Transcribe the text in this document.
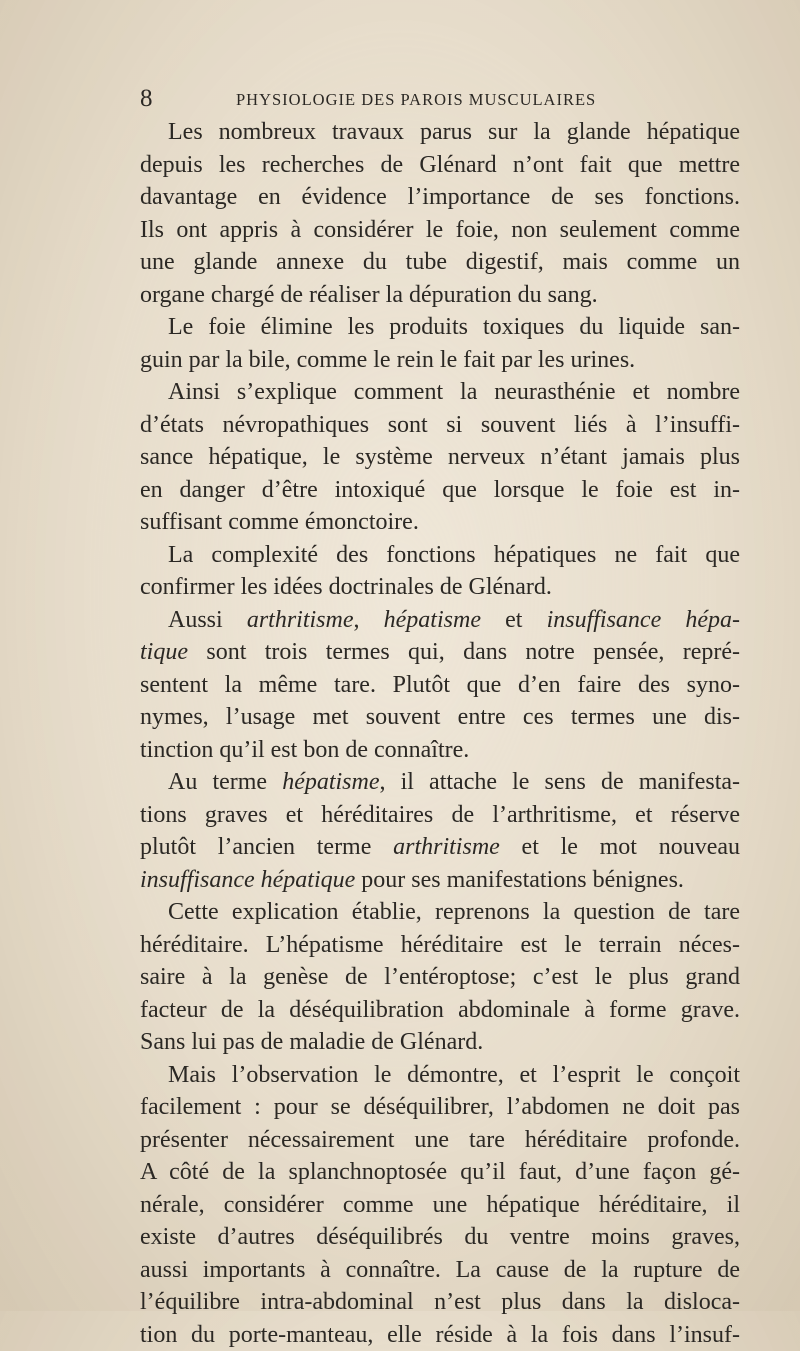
8	PHYSIOLOGIE DES PAROIS MUSCULAIRES
Les nombreux travaux parus sur la glande hépatique
depuis les recherches de Glénard n’ont fait que mettre
davantage en évidence l’importance de ses fonctions.
Ils ont appris à considérer le foie, non seulement comme
une glande annexe du tube digestif, mais comme un
organe chargé de réaliser la dépuration du sang.
Le foie élimine les produits toxiques du liquide san-
guin par la bile, comme le rein le fait par les urines.
Ainsi s’explique comment la neurasthénie et nombre
d’états névropathiques sont si souvent liés à l’insuffi-
sance hépatique, le système nerveux n’étant jamais plus
en danger d’être intoxiqué que lorsque le foie est in-
suffisant comme émonctoire.
La complexité des fonctions hépatiques ne fait que
confirmer les idées doctrinales de Glénard.
Aussi arthritisme, hépatisme et insuffisance hépa-
tique sont trois termes qui, dans notre pensée, repré-
sentent la même tare. Plutôt que d’en faire des syno-
nymes, l’usage met souvent entre ces termes une dis-
tinction qu’il est bon de connaître.
Au terme hépatisme, il attache le sens de manifesta-
tions graves et héréditaires de l’arthritisme, et réserve
plutôt l’ancien terme arthritisme et le mot nouveau
insuffisance hépatique pour ses manifestations bénignes.
Cette explication établie, reprenons la question de tare
héréditaire. L’hépatisme héréditaire est le terrain néces-
saire à la genèse de l’entéroptose; c’est le plus grand
facteur de la déséquilibration abdominale à forme grave.
Sans lui pas de maladie de Glénard.
Mais l’observation le démontre, et l’esprit le conçoit
facilement : pour se déséquilibrer, l’abdomen ne doit pas
présenter nécessairement une tare héréditaire profonde.
A côté de la splanchnoptosée qu’il faut, d’une façon gé-
nérale, considérer comme une hépatique héréditaire, il
existe d’autres déséquilibrés du ventre moins graves,
aussi importants à connaître. La cause de la rupture de
l’équilibre intra-abdominal n’est plus dans la disloca-
tion du porte-manteau, elle réside à la fois dans l’insuf-
